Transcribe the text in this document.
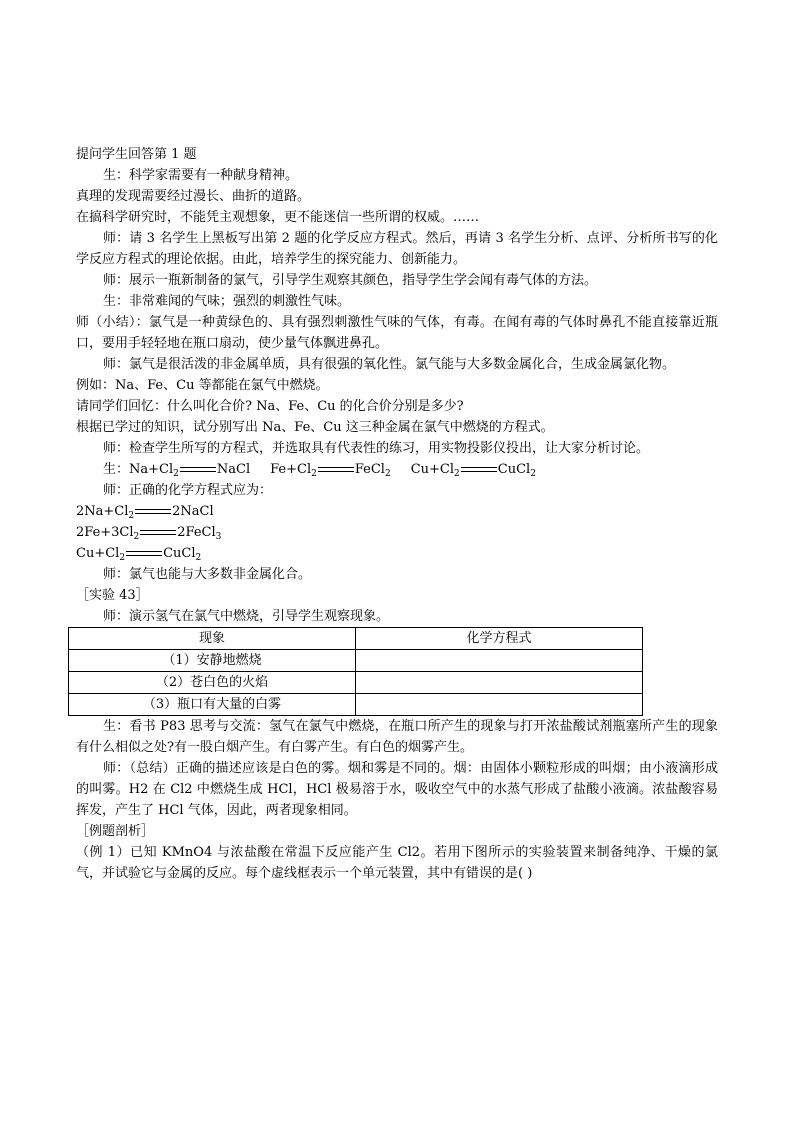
提问学生回答第 1 题
生：科学家需要有一种献身精神。
真理的发现需要经过漫长、曲折的道路。
在搞科学研究时，不能凭主观想象，更不能迷信一些所谓的权威。……
师：请 3 名学生上黑板写出第 2 题的化学反应方程式。然后，再请 3 名学生分析、点评、分析所书写的化学反应方程式的理论依据。由此，培养学生的探究能力、创新能力。
师：展示一瓶新制备的氯气，引导学生观察其颜色，指导学生学会闻有毒气体的方法。
生：非常难闻的气味；强烈的刺激性气味。
师（小结）：氯气是一种黄绿色的、具有强烈刺激性气味的气体，有毒。在闻有毒的气体时鼻孔不能直接靠近瓶口，要用手轻轻地在瓶口扇动，使少量气体飘进鼻孔。
师：氯气是很活泼的非金属单质，具有很强的氧化性。氯气能与大多数金属化合，生成金属氯化物。
例如：Na、Fe、Cu 等都能在氯气中燃烧。
请同学们回忆：什么叫化合价? Na、Fe、Cu 的化合价分别是多少?
根据已学过的知识，试分别写出 Na、Fe、Cu 这三种金属在氯气中燃烧的方程式。
师：检查学生所写的方程式，并选取具有代表性的练习，用实物投影仪投出，让大家分析讨论。
生：$Na+Cl_2$	NaCl $Fe+Cl_2$	FeCl$_2$ $Cu+Cl_2$	CuCl$_2$
师：正确的化学方程式应为：
$2Na+Cl_2$	2NaCl
$2Fe+3Cl_2$	2FeCl$_3$
$Cu+Cl_2$	CuCl$_2$
师：氯气也能与大多数非金属化合。
［实验 43］
师：演示氢气在氯气中燃烧，引导学生观察现象。
现象	化学方程式
（1）安静地燃烧	
（2）苍白色的火焰	
（3）瓶口有大量的白雾	
生：看书 P83 思考与交流：氢气在氯气中燃烧，在瓶口所产生的现象与打开浓盐酸试剂瓶塞所产生的现象有什么相似之处?有一股白烟产生。有白雾产生。有白色的烟雾产生。
师：（总结）正确的描述应该是白色的雾。烟和雾是不同的。烟：由固体小颗粒形成的叫烟；由小液滴形成的叫雾。H2 在 Cl2 中燃烧生成 HCl，HCl 极易溶于水，吸收空气中的水蒸气形成了盐酸小液滴。浓盐酸容易挥发，产生了 HCl 气体，因此，两者现象相同。
［例题剖析］
（例 1）已知 KMnO4 与浓盐酸在常温下反应能产生 Cl2。若用下图所示的实验装置来制备纯净、干燥的氯气，并试验它与金属的反应。每个虚线框表示一个单元装置，其中有错误的是( )
